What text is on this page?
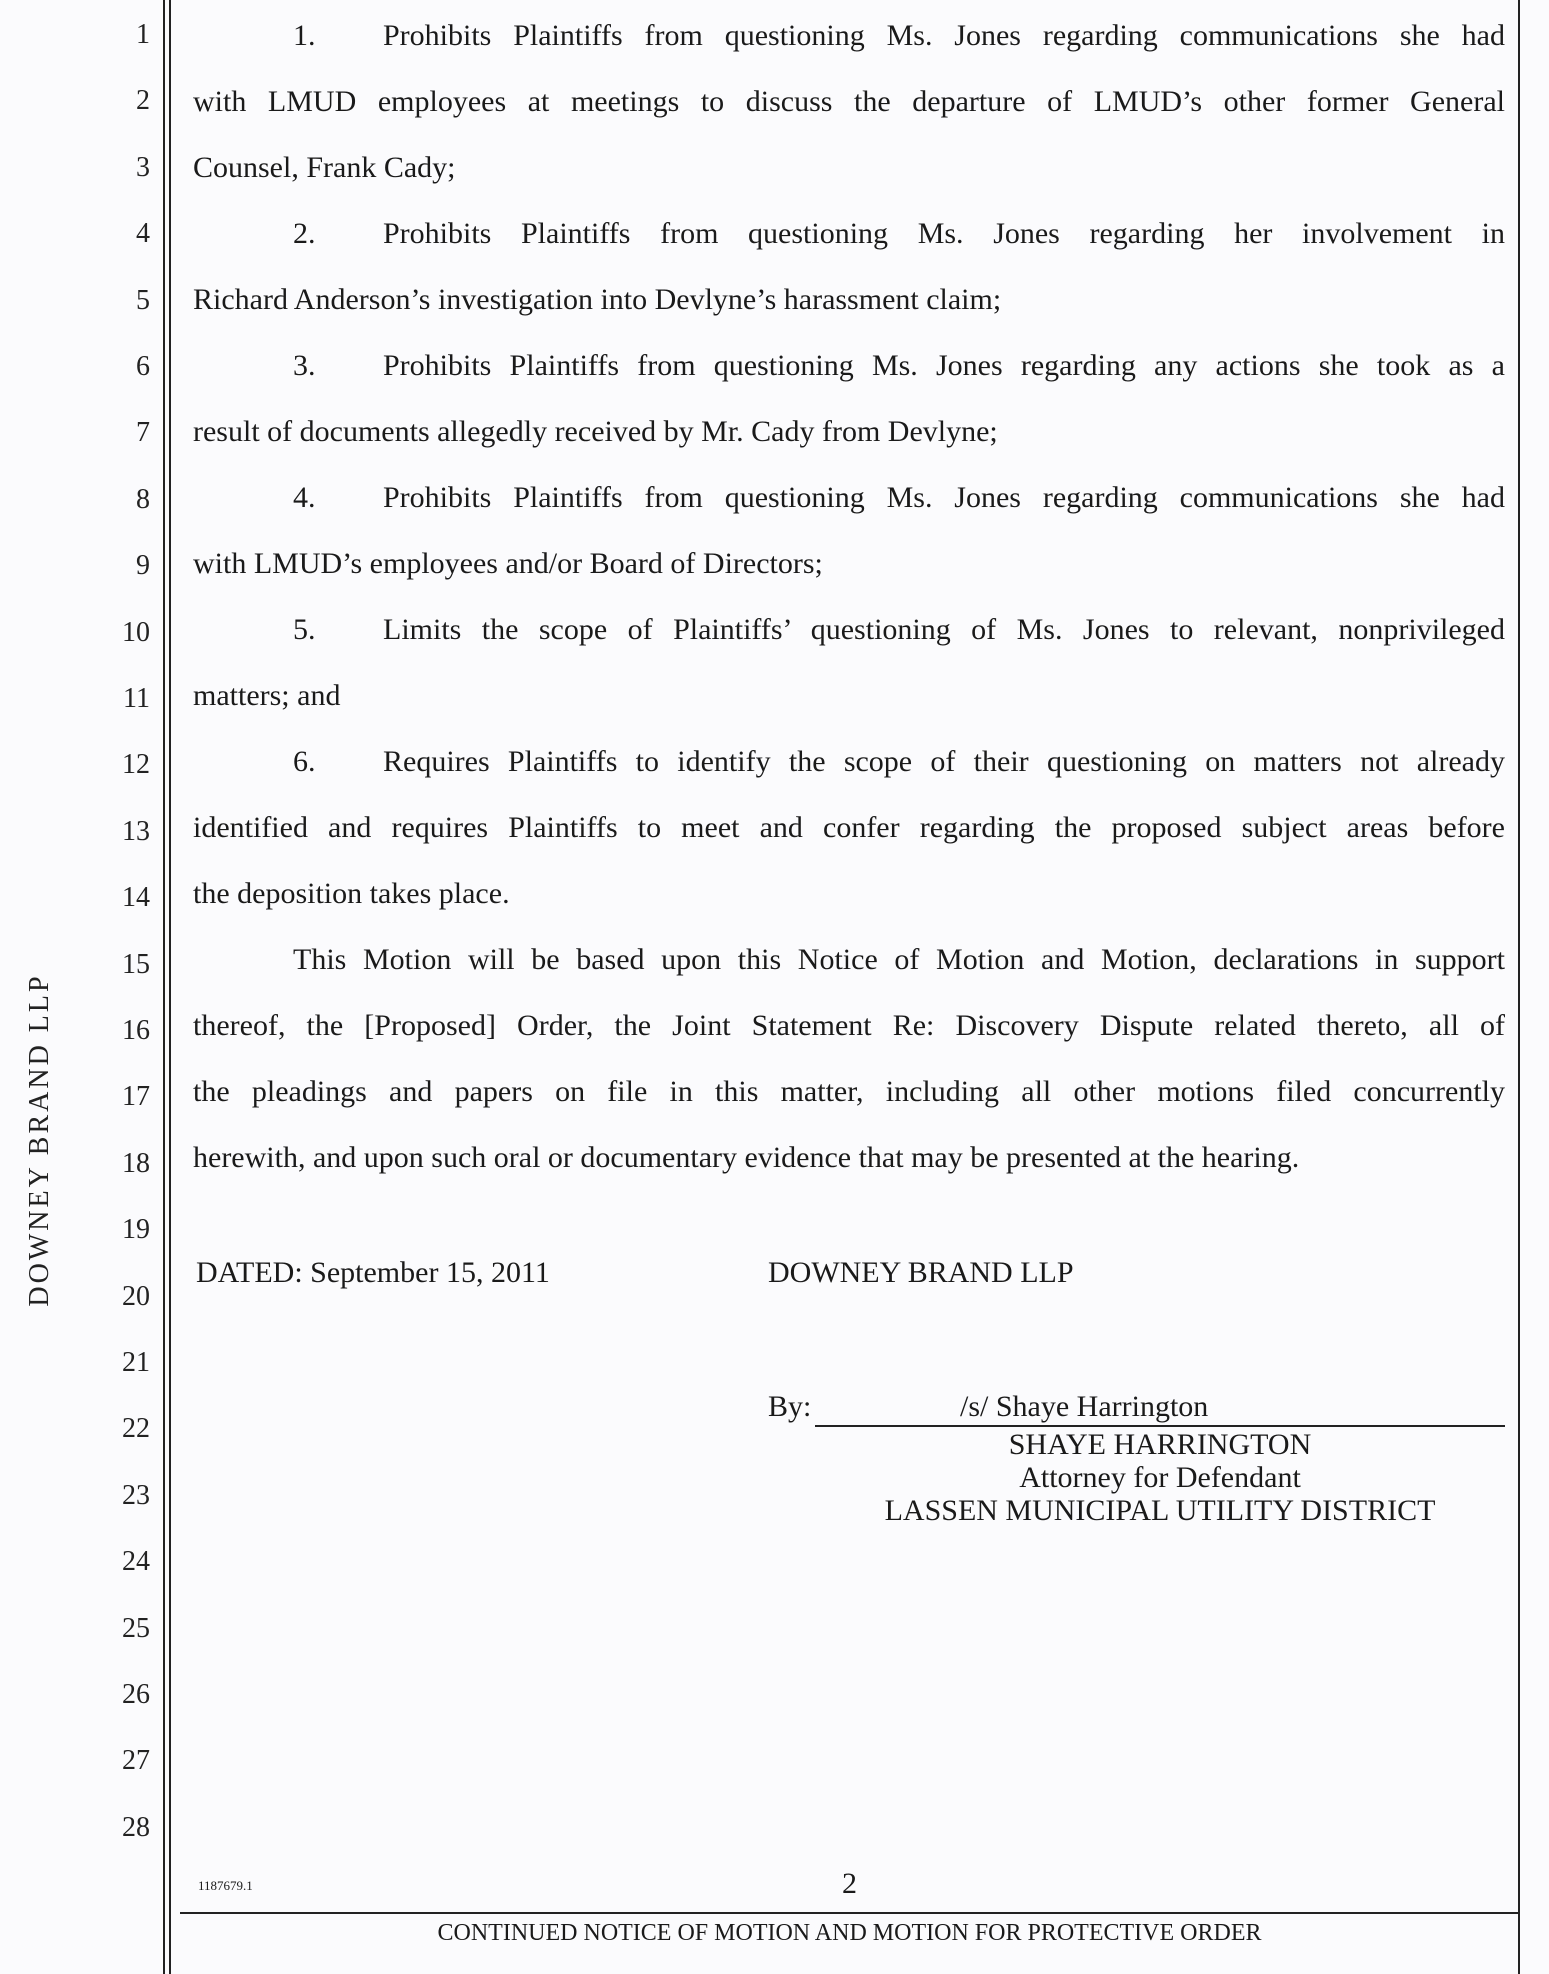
DOWNEY BRAND LLP
1
2
3
4
5
6
7
8
9
10
11
12
13
14
15
16
17
18
19
20
21
22
23
24
25
26
27
28
1.	Prohibits Plaintiffs from questioning Ms. Jones regarding communications she had
with LMUD employees at meetings to discuss the departure of LMUD’s other former General
Counsel, Frank Cady;
2.	Prohibits Plaintiffs from questioning Ms. Jones regarding her involvement in
Richard Anderson’s investigation into Devlyne’s harassment claim;
3.	Prohibits Plaintiffs from questioning Ms. Jones regarding any actions she took as a
result of documents allegedly received by Mr. Cady from Devlyne;
4.	Prohibits Plaintiffs from questioning Ms. Jones regarding communications she had
with LMUD’s employees and/or Board of Directors;
5.	Limits the scope of Plaintiffs’ questioning of Ms. Jones to relevant, nonprivileged
matters; and
6.	Requires Plaintiffs to identify the scope of their questioning on matters not already
identified and requires Plaintiffs to meet and confer regarding the proposed subject areas before
the deposition takes place.
This Motion will be based upon this Notice of Motion and Motion, declarations in support
thereof, the [Proposed] Order, the Joint Statement Re: Discovery Dispute related thereto, all of
the pleadings and papers on file in this matter, including all other motions filed concurrently
herewith, and upon such oral or documentary evidence that may be presented at the hearing.
DATED: September 15, 2011	DOWNEY BRAND LLP
By:	/s/ Shaye Harrington
SHAYE HARRINGTON
Attorney for Defendant
LASSEN MUNICIPAL UTILITY DISTRICT
1187679.1	2
CONTINUED NOTICE OF MOTION AND MOTION FOR PROTECTIVE ORDER
